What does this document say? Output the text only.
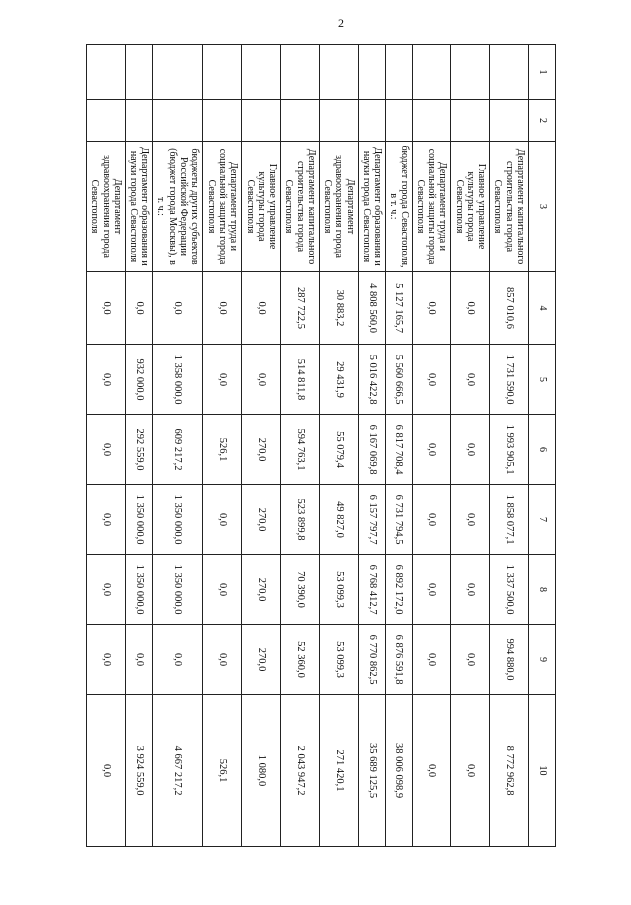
2
1	2	3	4	5	6	7	8	9	10
		Департамент капитального строительства города Севастополя	857 010,6	1 731 590,0	1 993 905,1	1 858 077,1	1 337 500,0	994 880,0	8 772 962,8
		Главное управление культуры города Севастополя	0,0	0,0	0,0	0,0	0,0	0,0	0,0
		Департамент труда и социальной защиты города Севастополя	0,0	0,0	0,0	0,0	0,0	0,0	0,0
		бюджет города Севастополя, в т. ч.:	5 127 165,7	5 560 666,5	6 817 708,4	6 731 794,5	6 892 172,0	6 876 591,8	38 006 098,9
		Департамент образования и науки города Севастополя	4 808 560,0	5 016 422,8	6 167 069,8	6 157 797,7	6 768 412,7	6 770 862,5	35 689 125,5
		Департамент здравоохранения города Севастополя	30 883,2	29 431,9	55 079,4	49 827,0	53 099,3	53 099,3	271 420,1
		Департамент капитального строительства города Севастополя	287 722,5	514 811,8	594 763,1	523 899,8	70 390,0	52 360,0	2 043 947,2
		Главное управление культуры города Севастополя	0,0	0,0	270,0	270,0	270,0	270,0	1 080,0
		Департамент труда и социальной защиты города Севастополя	0,0	0,0	526,1	0,0	0,0	0,0	526,1
		бюджеты других субъектов Российской Федерации (бюджет города Москвы), в т. ч.:	0,0	1 358 000,0	609 217,2	1 350 000,0	1 350 000,0	0,0	4 667 217,2
		Департамент образования и науки города Севастополя	0,0	932 000,0	292 559,0	1 350 000,0	1 350 000,0	0,0	3 924 559,0
		Департамент здравоохранения города Севастополя	0,0	0,0	0,0	0,0	0,0	0,0	0,0
